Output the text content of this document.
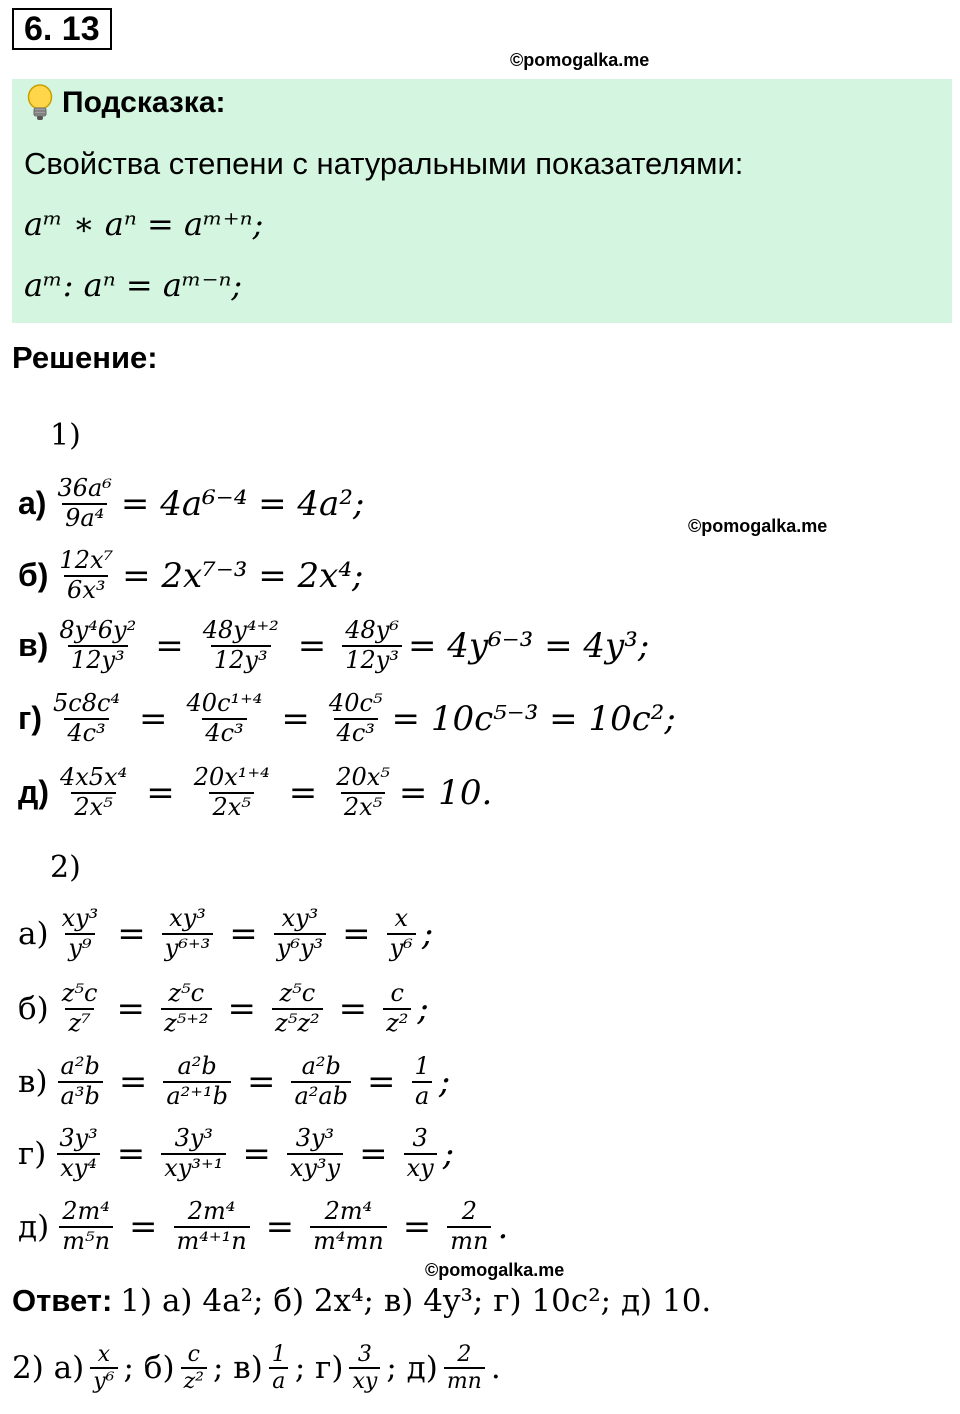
6. 13
©pomogalka.me
Подсказка:
Свойства степени с натуральными показателями:
aᵐ ∗ aⁿ = aᵐ⁺ⁿ;
aᵐ: aⁿ = aᵐ⁻ⁿ;
Решение:
1)
©pomogalka.me
$а) \frac{\text{36a⁶}}{\text{9a⁴}} = 4a^{6-4} = 4a^2$;
$б) \frac{\text{12x⁷}}{\text{6x³}} = 2x^{7-3} = 2x^4$;
$в) \frac{\text{8y⁴6y²}}{\text{12y³}} = \frac{\text{48y⁴⁺²}}{\text{12y³}} = \frac{\text{48y⁶}}{\text{12y³}} = 4y^{6-3} = 4y^3$;
$г) \frac{\text{5c8c⁴}}{\text{4c³}} = \frac{\text{40c¹⁺⁴}}{\text{4c³}} = \frac{\text{40c⁵}}{\text{4c³}} = 10c^{5-3} = 10c^2$;
$д) \frac{\text{4x5x⁴}}{\text{2x⁵}} = \frac{\text{20x¹⁺⁴}}{\text{2x⁵}} = \frac{\text{20x⁵}}{\text{2x⁵}} = 10$.
2)
$а) \frac{\text{xy³}}{\text{y⁹}} = \frac{\text{xy³}}{\text{y⁶⁺³}} = \frac{\text{xy³}}{\text{y⁶y³}} = \frac{x}{\text{y⁶}}$ ;
$б) \frac{\text{z⁵c}}{\text{z⁷}} = \frac{\text{z⁵c}}{\text{z⁵⁺²}} = \frac{\text{z⁵c}}{\text{z⁵z²}} = \frac{c}{\text{z²}}$ ;
$в) \frac{\text{a²b}}{\text{a³b}} = \frac{\text{a²b}}{\text{a²⁺¹b}} = \frac{\text{a²b}}{\text{a²ab}} = \frac{1}{a}$ ;
$г) \frac{\text{3y³}}{\text{xy⁴}} = \frac{\text{3y³}}{\text{xy³⁺¹}} = \frac{\text{3y³}}{\text{xy³y}} = \frac{3}{xy}$ ;
$д) \frac{\text{2m⁴}}{\text{m⁵n}} = \frac{\text{2m⁴}}{\text{m⁴⁺¹n}} = \frac{\text{2m⁴}}{\text{m⁴mn}} = \frac{2}{mn}$ .
©pomogalka.me
Ответ: 1) а) 4a²; б) 2x⁴; в) 4y³; г) 10c²; д) 10.
2) $а) \frac{x}{\text{y⁶}}$ ; $б) \frac{c}{\text{z²}}$ ; $в) \frac{1}{a}$ ; $г) \frac{3}{xy}$ ; $д) \frac{2}{mn}$ .
